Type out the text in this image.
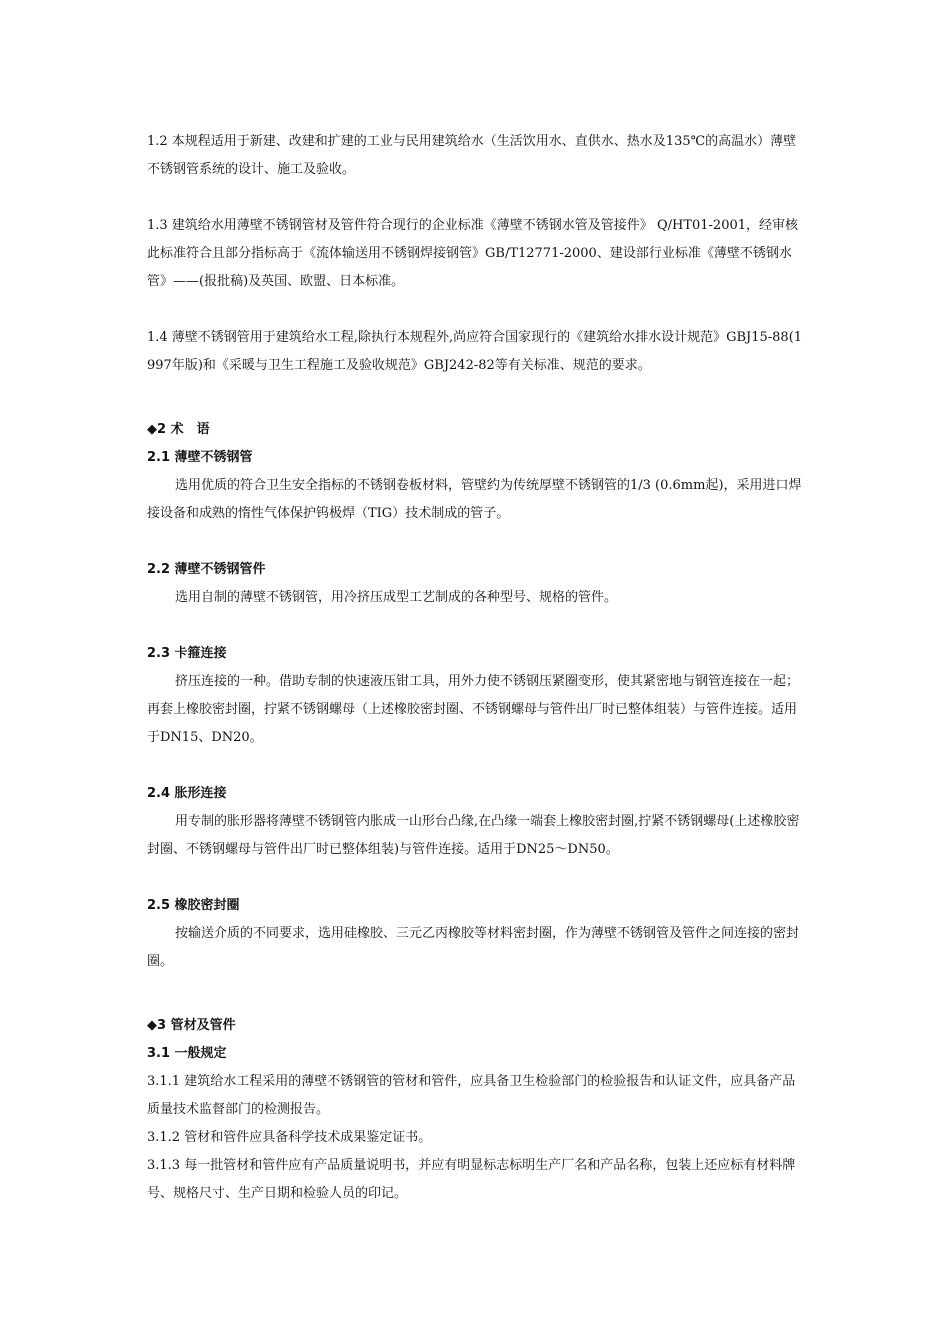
1.2 本规程适用于新建、改建和扩建的工业与民用建筑给水（生活饮用水、直供水、热水及135℃的高温水）薄壁不锈钢管系统的设计、施工及验收。

1.3 建筑给水用薄壁不锈钢管材及管件符合现行的企业标准《薄壁不锈钢水管及管接件》 Q/HT01-2001，经审核此标准符合且部分指标高于《流体输送用不锈钢焊接钢管》GB/T12771-2000、建设部行业标准《薄壁不锈钢水管》——(报批稿)及英国、欧盟、日本标准。

1.4 薄壁不锈钢管用于建筑给水工程,除执行本规程外,尚应符合国家现行的《建筑给水排水设计规范》GBJ15-88(1997年版)和《采暖与卫生工程施工及验收规范》GBJ242-82等有关标准、规范的要求。

◆2 术　语

2.1 薄壁不锈钢管

选用优质的符合卫生安全指标的不锈钢卷板材料，管壁约为传统厚壁不锈钢管的1/3 (0.6mm起)，采用进口焊接设备和成熟的惰性气体保护钨极焊（TIG）技术制成的管子。

2.2 薄壁不锈钢管件

选用自制的薄壁不锈钢管，用冷挤压成型工艺制成的各种型号、规格的管件。

2.3 卡箍连接

挤压连接的一种。借助专制的快速液压钳工具，用外力使不锈钢压紧圈变形，使其紧密地与钢管连接在一起；再套上橡胶密封圈，拧紧不锈钢螺母（上述橡胶密封圈、不锈钢螺母与管件出厂时已整体组装）与管件连接。适用于DN15、DN20。

2.4 胀形连接

用专制的胀形器将薄壁不锈钢管内胀成一山形台凸缘,在凸缘一端套上橡胶密封圈,拧紧不锈钢螺母(上述橡胶密封圈、不锈钢螺母与管件出厂时已整体组装)与管件连接。适用于DN25～DN50。

2.5 橡胶密封圈

按输送介质的不同要求，选用硅橡胶、三元乙丙橡胶等材料密封圈，作为薄壁不锈钢管及管件之间连接的密封圈。

◆3 管材及管件

3.1 一般规定

3.1.1 建筑给水工程采用的薄壁不锈钢管的管材和管件，应具备卫生检验部门的检验报告和认证文件，应具备产品质量技术监督部门的检测报告。

3.1.2 管材和管件应具备科学技术成果鉴定证书。

3.1.3 每一批管材和管件应有产品质量说明书，并应有明显标志标明生产厂名和产品名称，包装上还应标有材料牌号、规格尺寸、生产日期和检验人员的印记。
